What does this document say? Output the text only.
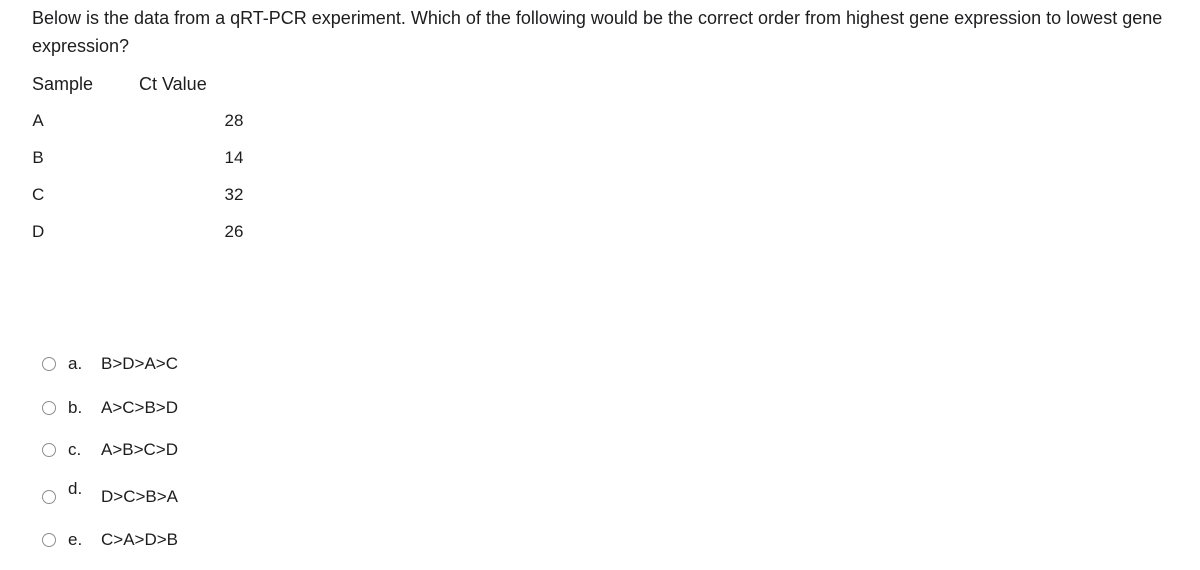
Below is the data from a qRT-PCR experiment. Which of the following would be the correct order from highest gene expression to lowest gene expression?
Sample	Ct Value
A	28
B	14
C	32
D	26
a. B>D>A>C
b. A>C>B>D
c. A>B>C>D
d. D>C>B>A
e. C>A>D>B
